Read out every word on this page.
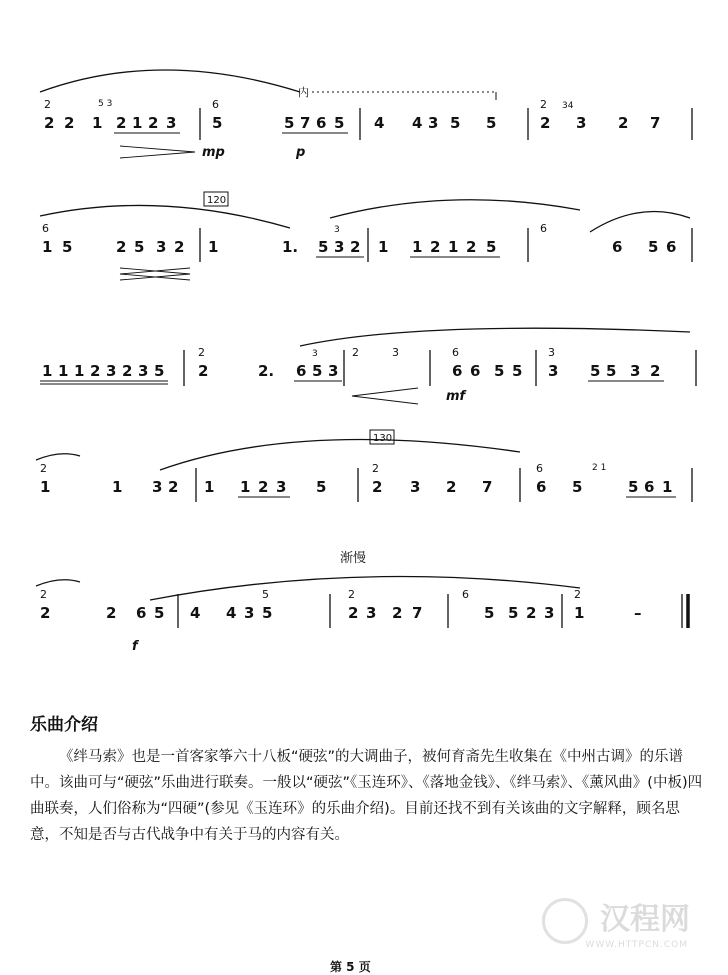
2
2 2 1
5 3
2 1 2 3
6
5	5 7 6 5
内
4 4 3 5 5
2
2
34
3 2 7
mp	p
120
6
1 5	2 5 3 2 1	1. 5 3 2
3
1 1 2 1 2 5
6
6 5 6
1 1 1 2 3 2 3 5
2
2	2. 6 5 3
3	2	3	6
6 6 5 5
3
3 5 5 3 2
mf
130
2
1	1 3 2 1 1 2 3 5
2
2 3 2 7
6
6 5
2 1
5 6 1
渐慢
2
2	2 6 5 4 4 3
5
5
2
2 3 2 7
6
5 5 2 3
2
1	–
f
乐曲介绍

《绊马索》也是一首客家筝六十八板“硬弦”的大调曲子，被何育斋先生收集在《中州古调》的乐谱中。该曲可与“硬弦”乐曲进行联奏。一般以“硬弦”《玉连环》、《落地金钱》、《绊马索》、《薰风曲》(中板)四曲联奏，人们俗称为“四硬”(参见《玉连环》的乐曲介绍)。目前还找不到有关该曲的文字解释，顾名思意，不知是否与古代战争中有关于马的内容有关。

汉程网
WWW.HTTPCN.COM
第 5 页
